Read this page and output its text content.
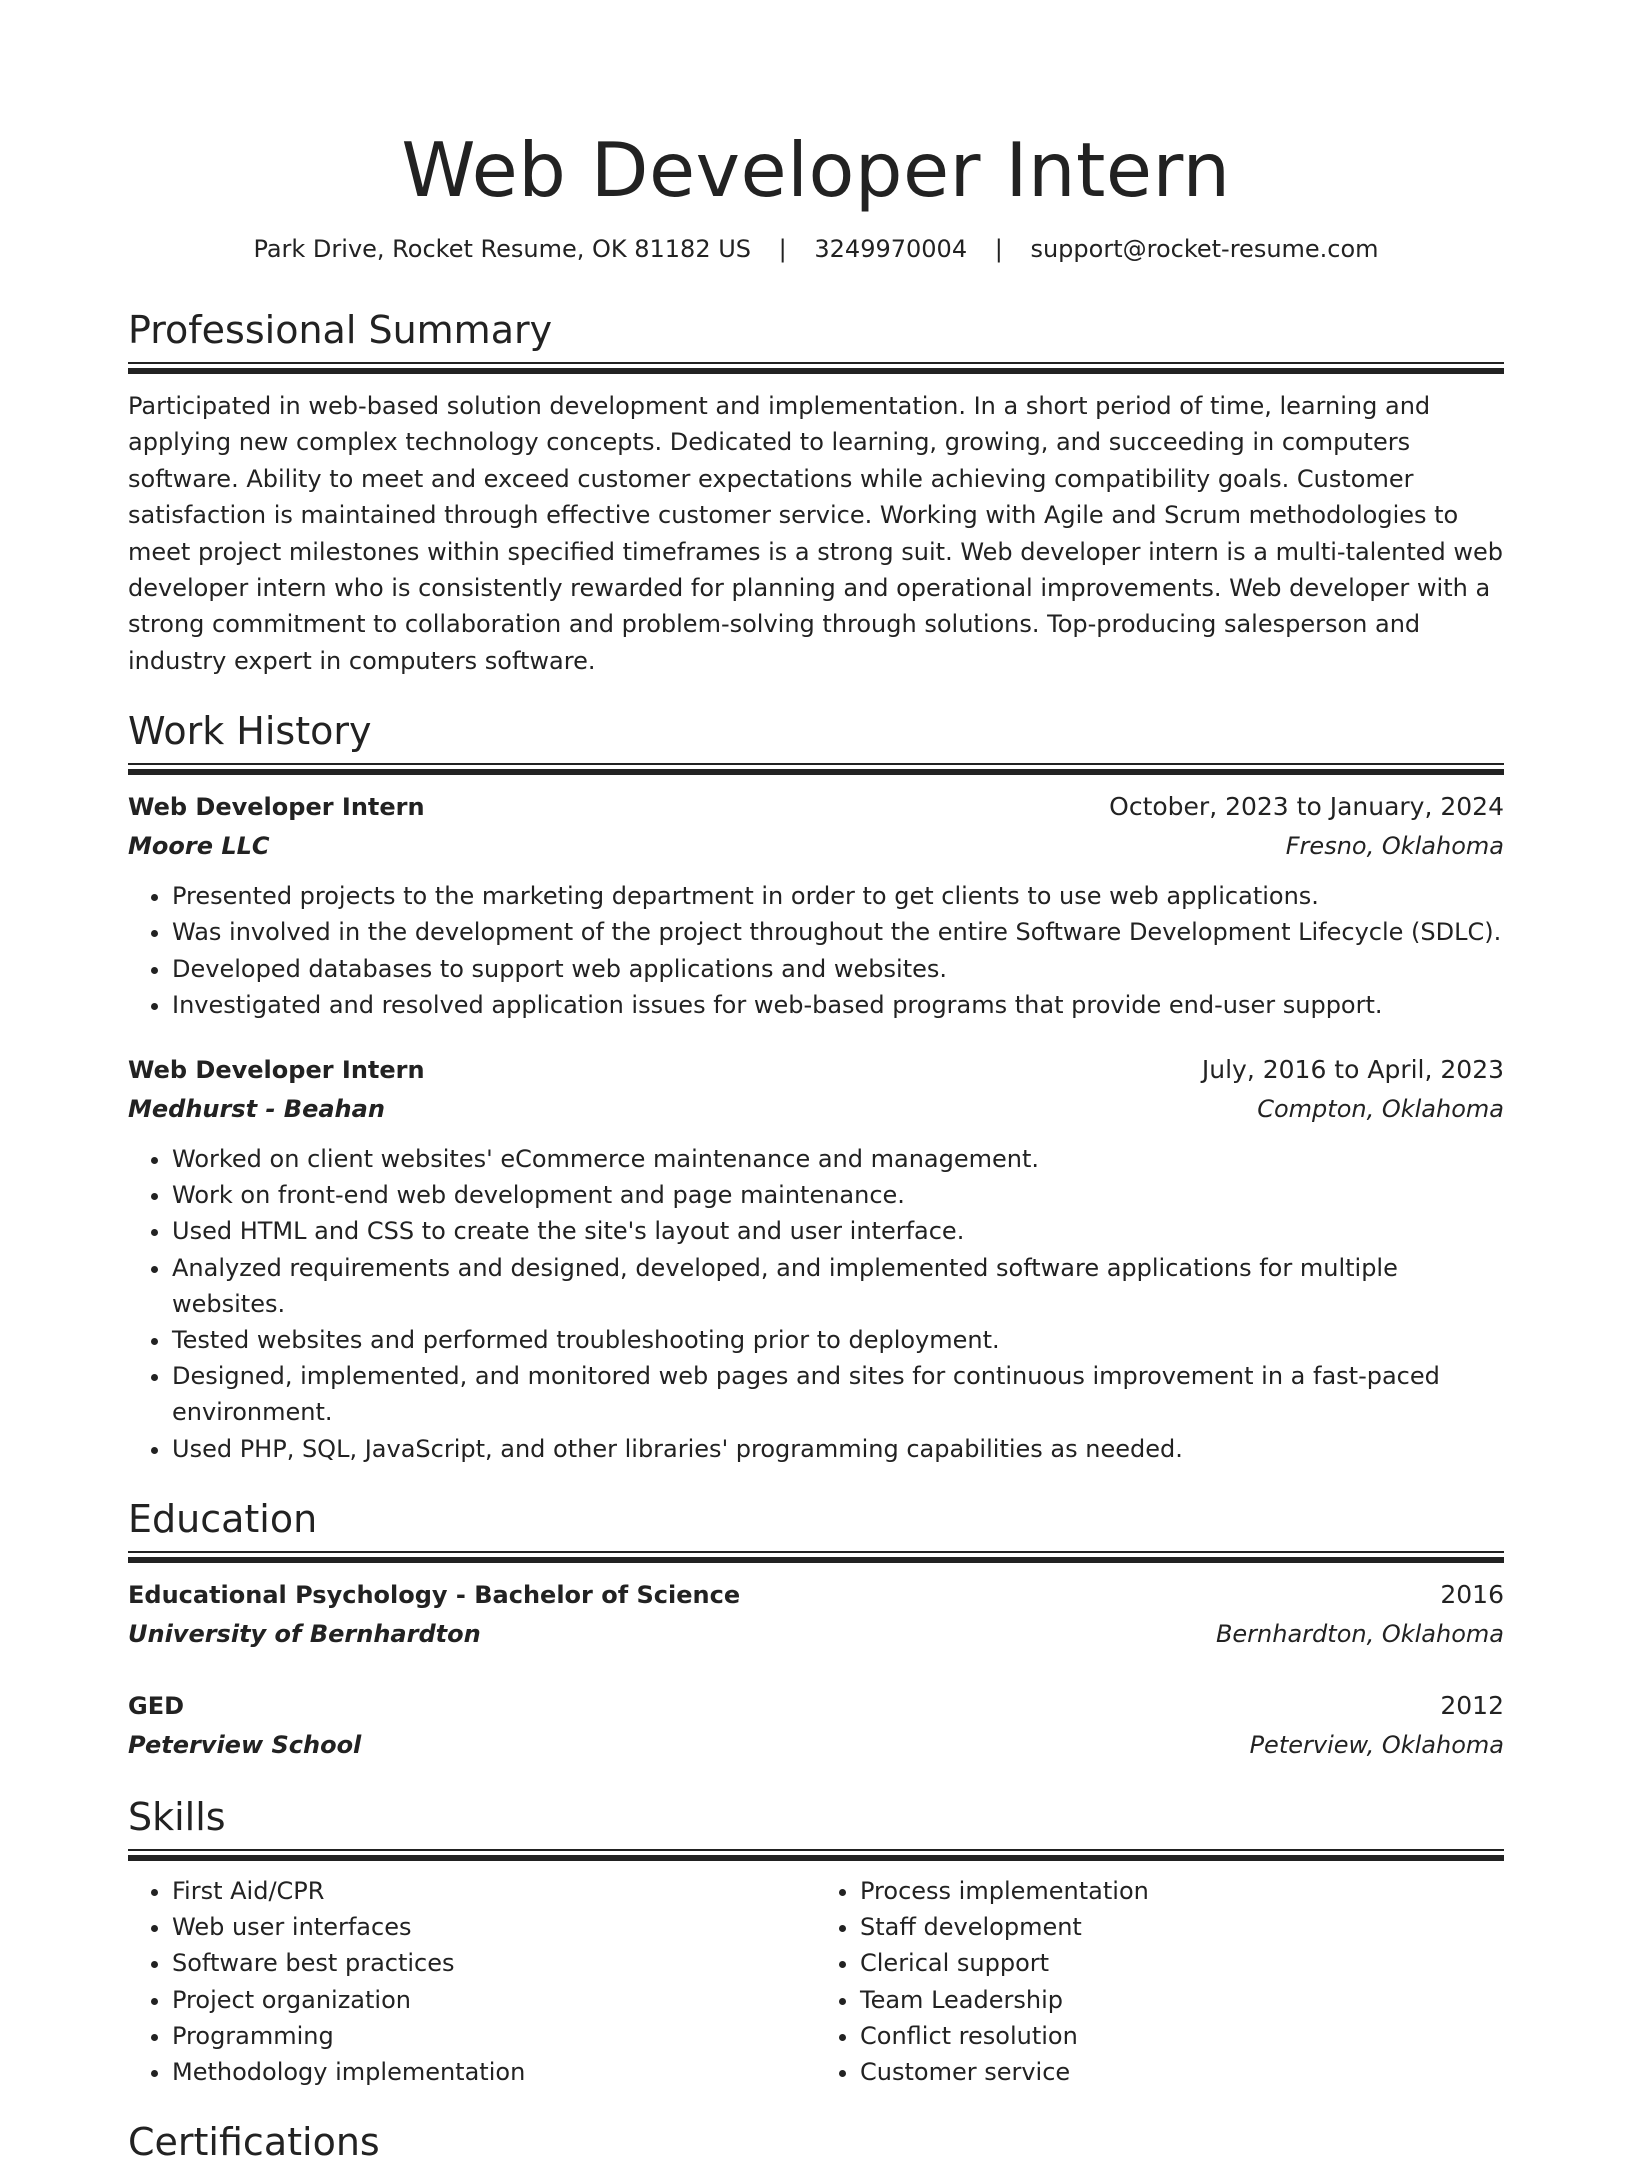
Web Developer Intern
Park Drive, Rocket Resume, OK 81182 US | 3249970004 | support@rocket-resume.com
Professional Summary

Participated in web-based solution development and implementation. In a short period of time, learning and applying new complex technology concepts. Dedicated to learning, growing, and succeeding in computers software. Ability to meet and exceed customer expectations while achieving compatibility goals. Customer satisfaction is maintained through effective customer service. Working with Agile and Scrum methodologies to meet project milestones within specified timeframes is a strong suit. Web developer intern is a multi-talented web developer intern who is consistently rewarded for planning and operational improvements. Web developer with a strong commitment to collaboration and problem-solving through solutions. Top-producing salesperson and industry expert in computers software.

Work History
Web Developer Intern	October, 2023 to January, 2024
Moore LLC	Fresno, Oklahoma
• Presented projects to the marketing department in order to get clients to use web applications.
• Was involved in the development of the project throughout the entire Software Development Lifecycle (SDLC).
• Developed databases to support web applications and websites.
• Investigated and resolved application issues for web-based programs that provide end-user support.
Web Developer Intern	July, 2016 to April, 2023
Medhurst - Beahan	Compton, Oklahoma
• Worked on client websites' eCommerce maintenance and management.
• Work on front-end web development and page maintenance.
• Used HTML and CSS to create the site's layout and user interface.
• Analyzed requirements and designed, developed, and implemented software applications for multiple websites.
• Tested websites and performed troubleshooting prior to deployment.
• Designed, implemented, and monitored web pages and sites for continuous improvement in a fast-paced environment.
• Used PHP, SQL, JavaScript, and other libraries' programming capabilities as needed.
Education
Educational Psychology - Bachelor of Science	2016
University of Bernhardton	Bernhardton, Oklahoma
GED	2012
Peterview School	Peterview, Oklahoma
Skills
• First Aid/CPR
• Web user interfaces
• Software best practices
• Project organization
• Programming
• Methodology implementation
• Process implementation
• Staff development
• Clerical support
• Team Leadership
• Conflict resolution
• Customer service
Certifications
